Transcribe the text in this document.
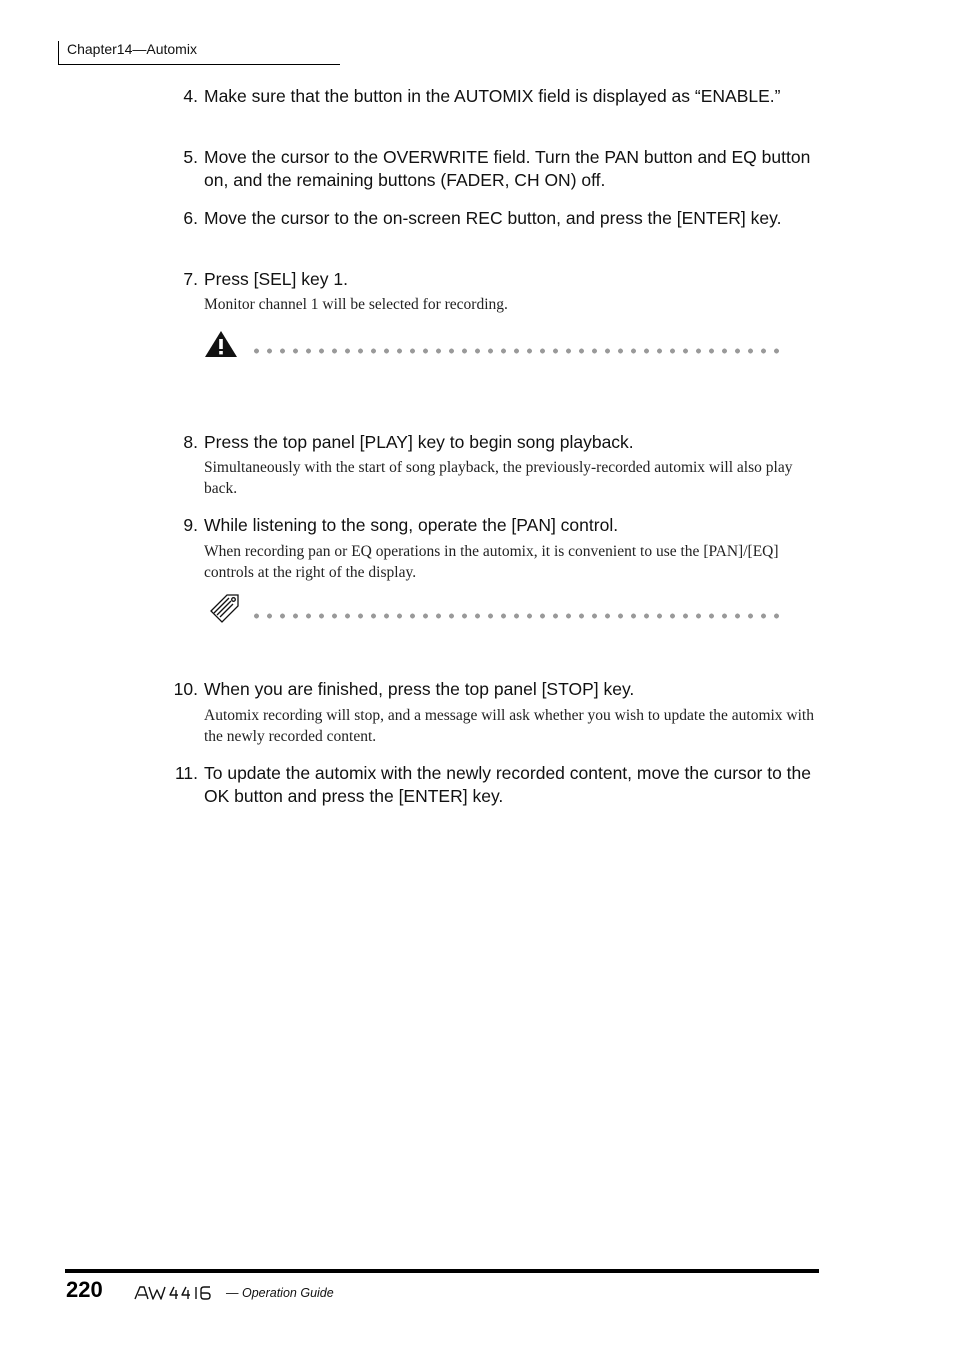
Chapter14—Automix
4. Make sure that the button in the AUTOMIX field is displayed as “ENABLE.”
5. Move the cursor to the OVERWRITE field. Turn the PAN button and EQ button on, and the remaining buttons (FADER, CH ON) off.
6. Move the cursor to the on-screen REC button, and press the [ENTER] key.
7. Press [SEL] key 1.
Monitor channel 1 will be selected for recording.
8. Press the top panel [PLAY] key to begin song playback.
Simultaneously with the start of song playback, the previously-recorded automix will also play back.
9. While listening to the song, operate the [PAN] control.
When recording pan or EQ operations in the automix, it is convenient to use the [PAN]/[EQ] controls at the right of the display.
10. When you are finished, press the top panel [STOP] key.
Automix recording will stop, and a message will ask whether you wish to update the automix with the newly recorded content.
11. To update the automix with the newly recorded content, move the cursor to the OK button and press the [ENTER] key.
220	— Operation Guide
